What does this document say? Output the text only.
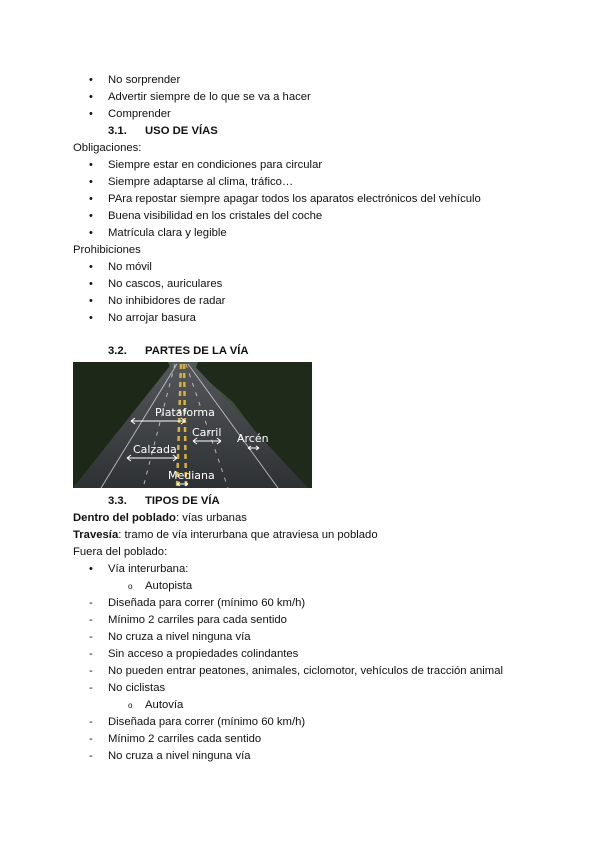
No sorprender
Advertir siempre de lo que se va a hacer
Comprender
3.1. USO DE VÍAS
Obligaciones:
Siempre estar en condiciones para circular
Siempre adaptarse al clima, tráfico…
PAra repostar siempre apagar todos los aparatos electrónicos del vehículo
Buena visibilidad en los cristales del coche
Matrícula clara y legible
Prohibiciones
No móvil
No cascos, auriculares
No inhibidores de radar
No arrojar basura
3.2. PARTES DE LA VÍA
Plataforma
Carril Arcén
Calzada
Mediana
3.3. TIPOS DE VÍA
Dentro del poblado: vías urbanas
Travesía: tramo de vía interurbana que atraviesa un poblado
Fuera del poblado:
Vía interurbana:
o Autopista
- Diseñada para correr (mínimo 60 km/h)
- Mínimo 2 carriles para cada sentido
- No cruza a nivel ninguna vía
- Sin acceso a propiedades colindantes
- No pueden entrar peatones, animales, ciclomotor, vehículos de tracción animal
- No ciclistas
o Autovía
- Diseñada para correr (mínimo 60 km/h)
- Mínimo 2 carriles cada sentido
- No cruza a nivel ninguna vía
